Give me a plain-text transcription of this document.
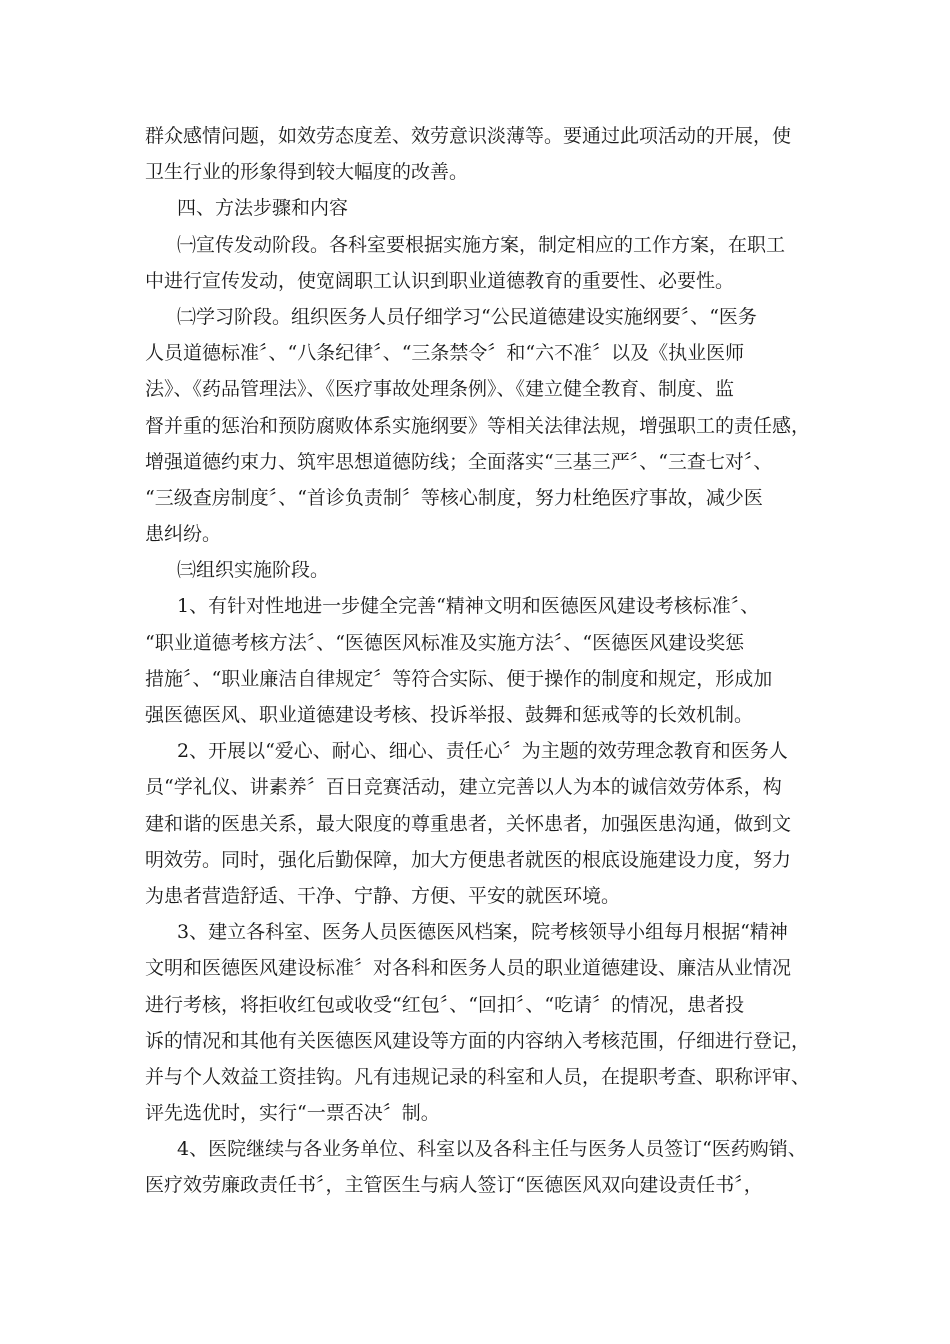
群众感情问题，如效劳态度差、效劳意识淡薄等。要通过此项活动的开展，使
卫生行业的形象得到较大幅度的改善。
四、方法步骤和内容
㈠宣传发动阶段。各科室要根据实施方案，制定相应的工作方案，在职工
中进行宣传发动，使宽阔职工认识到职业道德教育的重要性、必要性。
㈡学习阶段。组织医务人员仔细学习“公民道德建设实施纲要〞、“医务
人员道德标准〞、“八条纪律〞、“三条禁令〞和“六不准〞以及《执业医师
法》、《药品管理法》、《医疗事故处理条例》、《建立健全教育、制度、监
督并重的惩治和预防腐败体系实施纲要》等相关法律法规，增强职工的责任感，
增强道德约束力、筑牢思想道德防线；全面落实“三基三严〞、“三查七对〞、
“三级查房制度〞、“首诊负责制〞等核心制度，努力杜绝医疗事故，减少医
患纠纷。
㈢组织实施阶段。
1、有针对性地进一步健全完善“精神文明和医德医风建设考核标准〞、
“职业道德考核方法〞、“医德医风标准及实施方法〞、“医德医风建设奖惩
措施〞、“职业廉洁自律规定〞等符合实际、便于操作的制度和规定，形成加
强医德医风、职业道德建设考核、投诉举报、鼓舞和惩戒等的长效机制。
2、开展以“爱心、耐心、细心、责任心〞为主题的效劳理念教育和医务人
员“学礼仪、讲素养〞百日竞赛活动，建立完善以人为本的诚信效劳体系，构
建和谐的医患关系，最大限度的尊重患者，关怀患者，加强医患沟通，做到文
明效劳。同时，强化后勤保障，加大方便患者就医的根底设施建设力度，努力
为患者营造舒适、干净、宁静、方便、平安的就医环境。
3、建立各科室、医务人员医德医风档案，院考核领导小组每月根据“精神
文明和医德医风建设标准〞对各科和医务人员的职业道德建设、廉洁从业情况
进行考核，将拒收红包或收受“红包〞、“回扣〞、“吃请〞的情况，患者投
诉的情况和其他有关医德医风建设等方面的内容纳入考核范围，仔细进行登记，
并与个人效益工资挂钩。凡有违规记录的科室和人员，在提职考查、职称评审、
评先选优时，实行“一票否决〞制。
4、医院继续与各业务单位、科室以及各科主任与医务人员签订“医药购销、
医疗效劳廉政责任书〞，主管医生与病人签订“医德医风双向建设责任书〞，
